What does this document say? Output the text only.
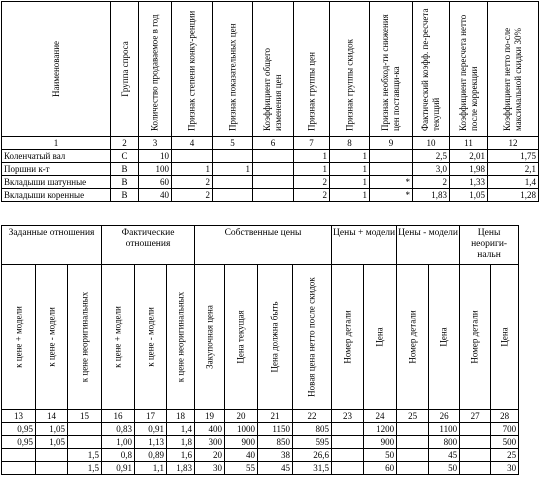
Наименование	Группа спроса	Количество продаваемое в год	Признак степени конку-ренции	Признак показательных цен	Коэффициент общего изменения цен	Признак группы цен	Признак группы скидок	Признак необход-ти снижения цен поставщи-ка	Фактический коэфф. пе-ресчета текущий	Коэффициент пересчета нетто после коррекции	Коэффициент нетто по-сле максимальной скидки 30%

1	2	3	4	5	6	7	8	9	10	11	12
Коленчатый вал	С	10				1	1		2,5	2,01	1,75
Поршни к-т	В	100	1	1		1	1		3,0	1,98	2,1
Вкладыши шатунные	В	60	2			2	1	*	2	1,33	1,4
Вкладыши коренные	В	40	2			2	1	*	1,83	1,05	1,28
Заданные отношения			Фактические отношения			Собственные цены				Цены + модели		Цены - модели		Цены неориги-нальн	

к цене + модели	к цене - модели	к цене неоригинальных	к цене + модели	к цене - модели	к цене неоригинальных	Закупочная цена	Цена текущая	Цена должна быть	Новая цена нетто после скидок	Номер детали	Цена	Номер детали	Цена	Номер детали	Цена

13	14	15	16	17	18	19	20	21	22	23	24	25	26	27	28
0,95	1,05		0,83	0,91	1,4	400	1000	1150	805		1200		1100		700
0,95	1,05		1,00	1,13	1,8	300	900	850	595		900		800		500
		1,5	0,8	0,89	1,6	20	40	38	26,6		50		45		25
		1,5	0,91	1,1	1,83	30	55	45	31,5		60		50		30
